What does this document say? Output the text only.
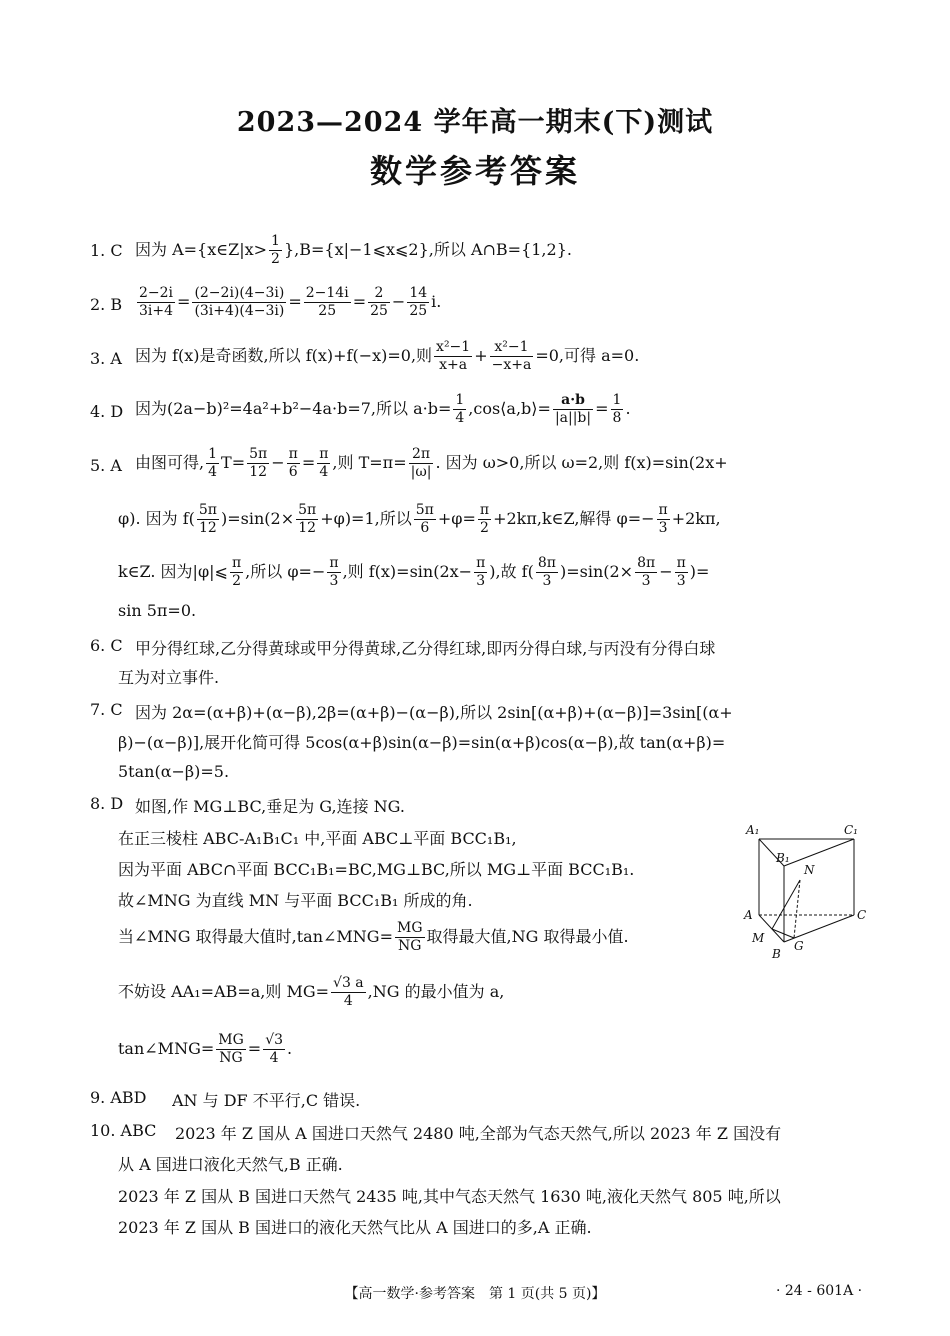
2023—2024 学年高一期末(下)测试
数学参考答案
1. C 因为 A={x∈Z|x> $\frac{1}{2}$ },B={x|−1⩽x⩽2},所以 A∩B={1,2}.
2. B $\frac{2-2i}{3i+4} = \frac{(2-2i)(4-3i)}{(3i+4)(4-3i)} = \frac{2-14i}{25} = \frac{2}{25} - \frac{14}{25} i$.
3. A 因为 f(x)是奇函数,所以 f(x)+f(−x)=0,则 $\frac{\text{x²−1}}{x+a} + \frac{\text{x²−1}}{-x+a} =0$,可得 a=0.
4. D 因为(2a−b)²=4a²+b²−4a·b=7,所以 $a\cdot b= \frac{1}{4}$ ,cos⟨a,b⟩= $\frac{a\cdot b}{|a||b|} = \frac{1}{8}$ .
5. A 由图可得, $\frac{1}{4} T= \frac{5\pi}{12} - \frac{\pi}{6} = \frac{\pi}{4}$ ,则 $T=\pi= \frac{2\pi}{|\omega|}$ . 因为 ω>0,所以 ω=2,则 f(x)=sin(2x+
φ). 因为 $f( \frac{5\pi}{12} )=\sin(2\times \frac{5\pi}{12} +\varphi)=1$,所以 $\frac{5\pi}{6} +\varphi= \frac{\pi}{2}$ +2kπ,k∈Z,解得 $\varphi=- \frac{\pi}{3} +2k\pi$,
k∈Z. 因为|φ|⩽ $\frac{\pi}{2}$ ,所以 $\varphi=- \frac{\pi}{3}$ ,则 $f(x)=\sin(2x- \frac{\pi}{3}$ ),故 $f( \frac{8\pi}{3} )=\sin(2\times \frac{8\pi}{3} - \frac{\pi}{3}$ )=
sin 5π=0.
6. C 甲分得红球,乙分得黄球或甲分得黄球,乙分得红球,即丙分得白球,与丙没有分得白球
互为对立事件.
7. C 因为 2α=(α+β)+(α−β),2β=(α+β)−(α−β),所以 2sin[(α+β)+(α−β)]=3sin[(α+
β)−(α−β)],展开化简可得 5cos(α+β)sin(α−β)=sin(α+β)cos(α−β),故 tan(α+β)=
5tan(α−β)=5.
8. D 如图,作 MG⊥BC,垂足为 G,连接 NG.
在正三棱柱 ABC-A₁B₁C₁ 中,平面 ABC⊥平面 BCC₁B₁,
因为平面 ABC∩平面 BCC₁B₁=BC,MG⊥BC,所以 MG⊥平面 BCC₁B₁.
故∠MNG 为直线 MN 与平面 BCC₁B₁ 所成的角.
当∠MNG 取得最大值时,tan∠MNG= $\frac{MG}{NG}$ 取得最大值,NG 取得最小值.
不妨设 AA₁=AB=a,则 $MG= \frac{√3 a}{4} ,NG$ 的最小值为 a,
tan∠MNG= $\frac{MG}{NG} = \frac{√3}{4}$ .
A₁	C₁
B₁
N
A	C
M
B
G
9. ABD AN 与 DF 不平行,C 错误.
10. ABC 2023 年 Z 国从 A 国进口天然气 2480 吨,全部为气态天然气,所以 2023 年 Z 国没有
从 A 国进口液化天然气,B 正确.
2023 年 Z 国从 B 国进口天然气 2435 吨,其中气态天然气 1630 吨,液化天然气 805 吨,所以
2023 年 Z 国从 B 国进口的液化天然气比从 A 国进口的多,A 正确.
【高一数学·参考答案　第 1 页(共 5 页)】	· 24 - 601A ·
